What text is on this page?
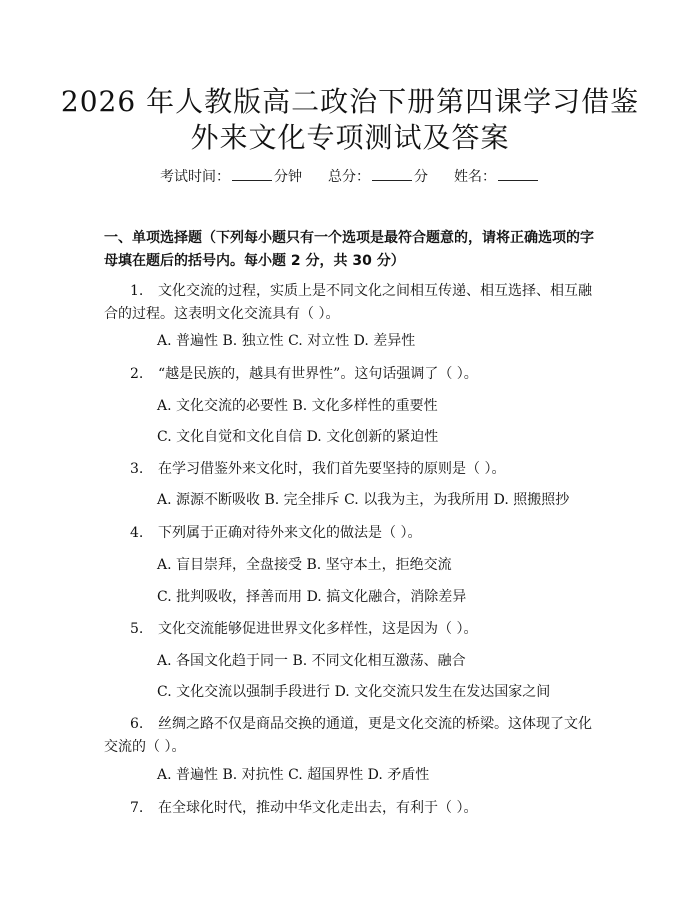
2026 年人教版高二政治下册第四课学习借鉴
外来文化专项测试及答案
考试时间：	分钟 总分：	分 姓名：
一、单项选择题（下列每小题只有一个选项是最符合题意的，请将正确选项的字母填在题后的括号内。每小题 2 分，共 30 分）
1. 文化交流的过程，实质上是不同文化之间相互传递、相互选择、相互融合的过程。这表明文化交流具有（ ）。
A. 普遍性 B. 独立性 C. 对立性 D. 差异性
2. “越是民族的，越具有世界性”。这句话强调了（ ）。
A. 文化交流的必要性 B. 文化多样性的重要性
C. 文化自觉和文化自信 D. 文化创新的紧迫性
3. 在学习借鉴外来文化时，我们首先要坚持的原则是（ ）。
A. 源源不断吸收 B. 完全排斥 C. 以我为主，为我所用 D. 照搬照抄
4. 下列属于正确对待外来文化的做法是（ ）。
A. 盲目崇拜，全盘接受 B. 坚守本土，拒绝交流
C. 批判吸收，择善而用 D. 搞文化融合，消除差异
5. 文化交流能够促进世界文化多样性，这是因为（ ）。
A. 各国文化趋于同一 B. 不同文化相互激荡、融合
C. 文化交流以强制手段进行 D. 文化交流只发生在发达国家之间
6. 丝绸之路不仅是商品交换的通道，更是文化交流的桥梁。这体现了文化交流的（ ）。
A. 普遍性 B. 对抗性 C. 超国界性 D. 矛盾性
7. 在全球化时代，推动中华文化走出去，有利于（ ）。
